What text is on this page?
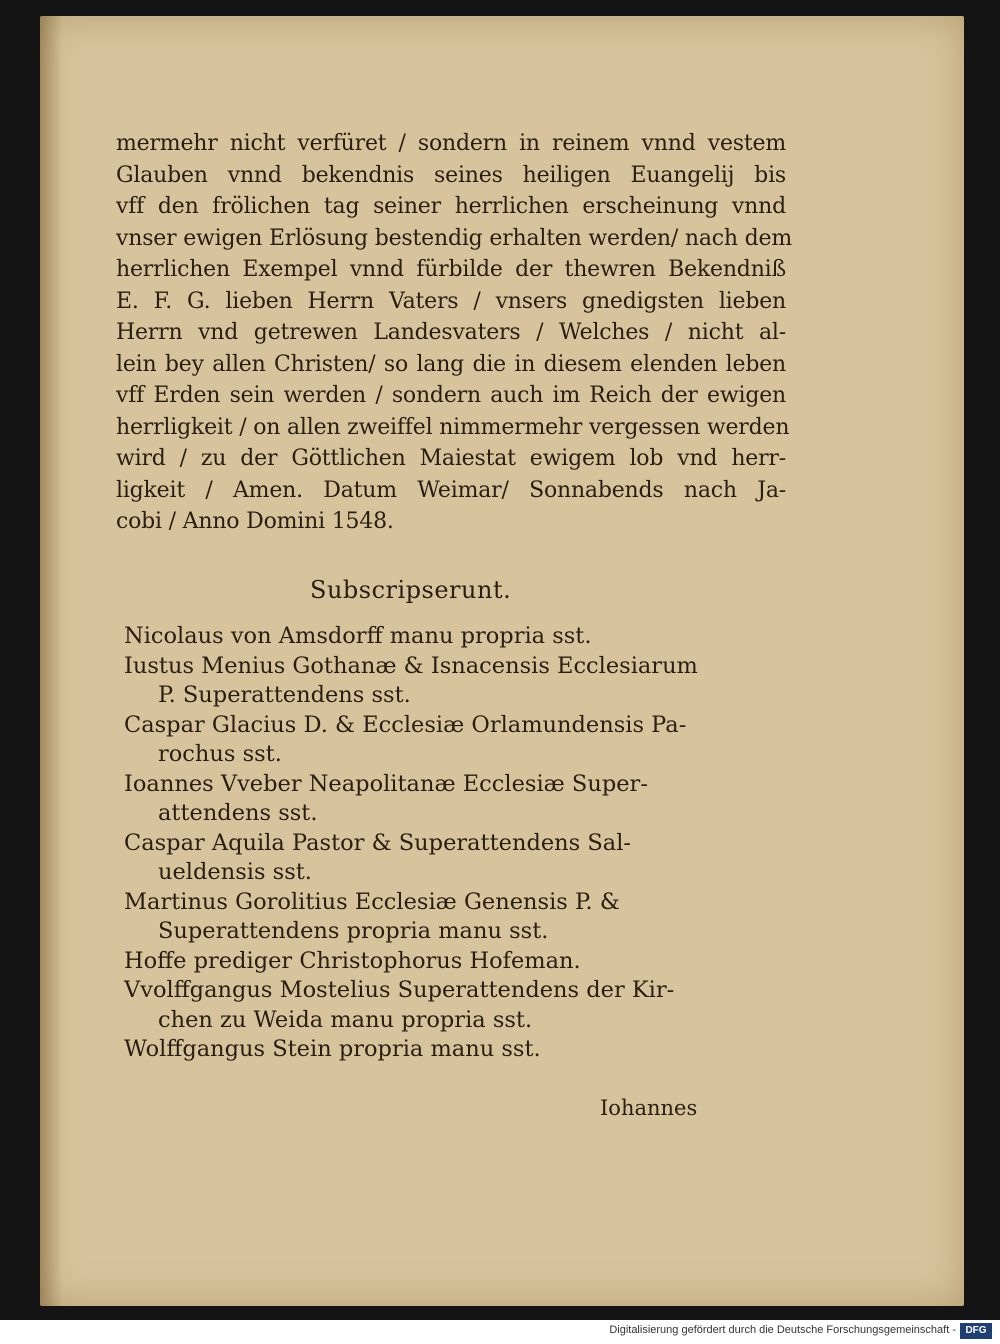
mermehr nicht verfüret / sondern in reinem vnnd vestem
Glauben vnnd bekendnis seines heiligen Euangelij bis
vff den frölichen tag seiner herrlichen erscheinung vnnd
vnser ewigen Erlösung bestendig erhalten werden/ nach dem
herrlichen Exempel vnnd fürbilde der thewren Bekendniß
E. F. G. lieben Herrn Vaters / vnsers gnedigsten lieben
Herrn vnd getrewen Landesvaters / Welches / nicht al-
lein bey allen Christen/ so lang die in diesem elenden leben
vff Erden sein werden / sondern auch im Reich der ewigen
herrligkeit / on allen zweiffel nimmermehr vergessen werden
wird / zu der Göttlichen Maiestat ewigem lob vnd herr-
ligkeit / Amen. Datum Weimar/ Sonnabends nach Ja-
cobi / Anno Domini 1548.
Subscripserunt.
Nicolaus von Amsdorff manu propria sst.
Iustus Menius Gothanæ & Isnacensis Ecclesiarum
P. Superattendens sst.
Caspar Glacius D. & Ecclesiæ Orlamundensis Pa-
rochus sst.
Ioannes Vveber Neapolitanæ Ecclesiæ Super-
attendens sst.
Caspar Aquila Pastor & Superattendens Sal-
ueldensis sst.
Martinus Gorolitius Ecclesiæ Genensis P. &
Superattendens propria manu sst.
Hoffe prediger Christophorus Hofeman.
Vvolffgangus Mostelius Superattendens der Kir-
chen zu Weida manu propria sst.
Wolffgangus Stein propria manu sst.
Iohannes
Digitalisierung gefördert durch die Deutsche Forschungsgemeinschaft - DFG
